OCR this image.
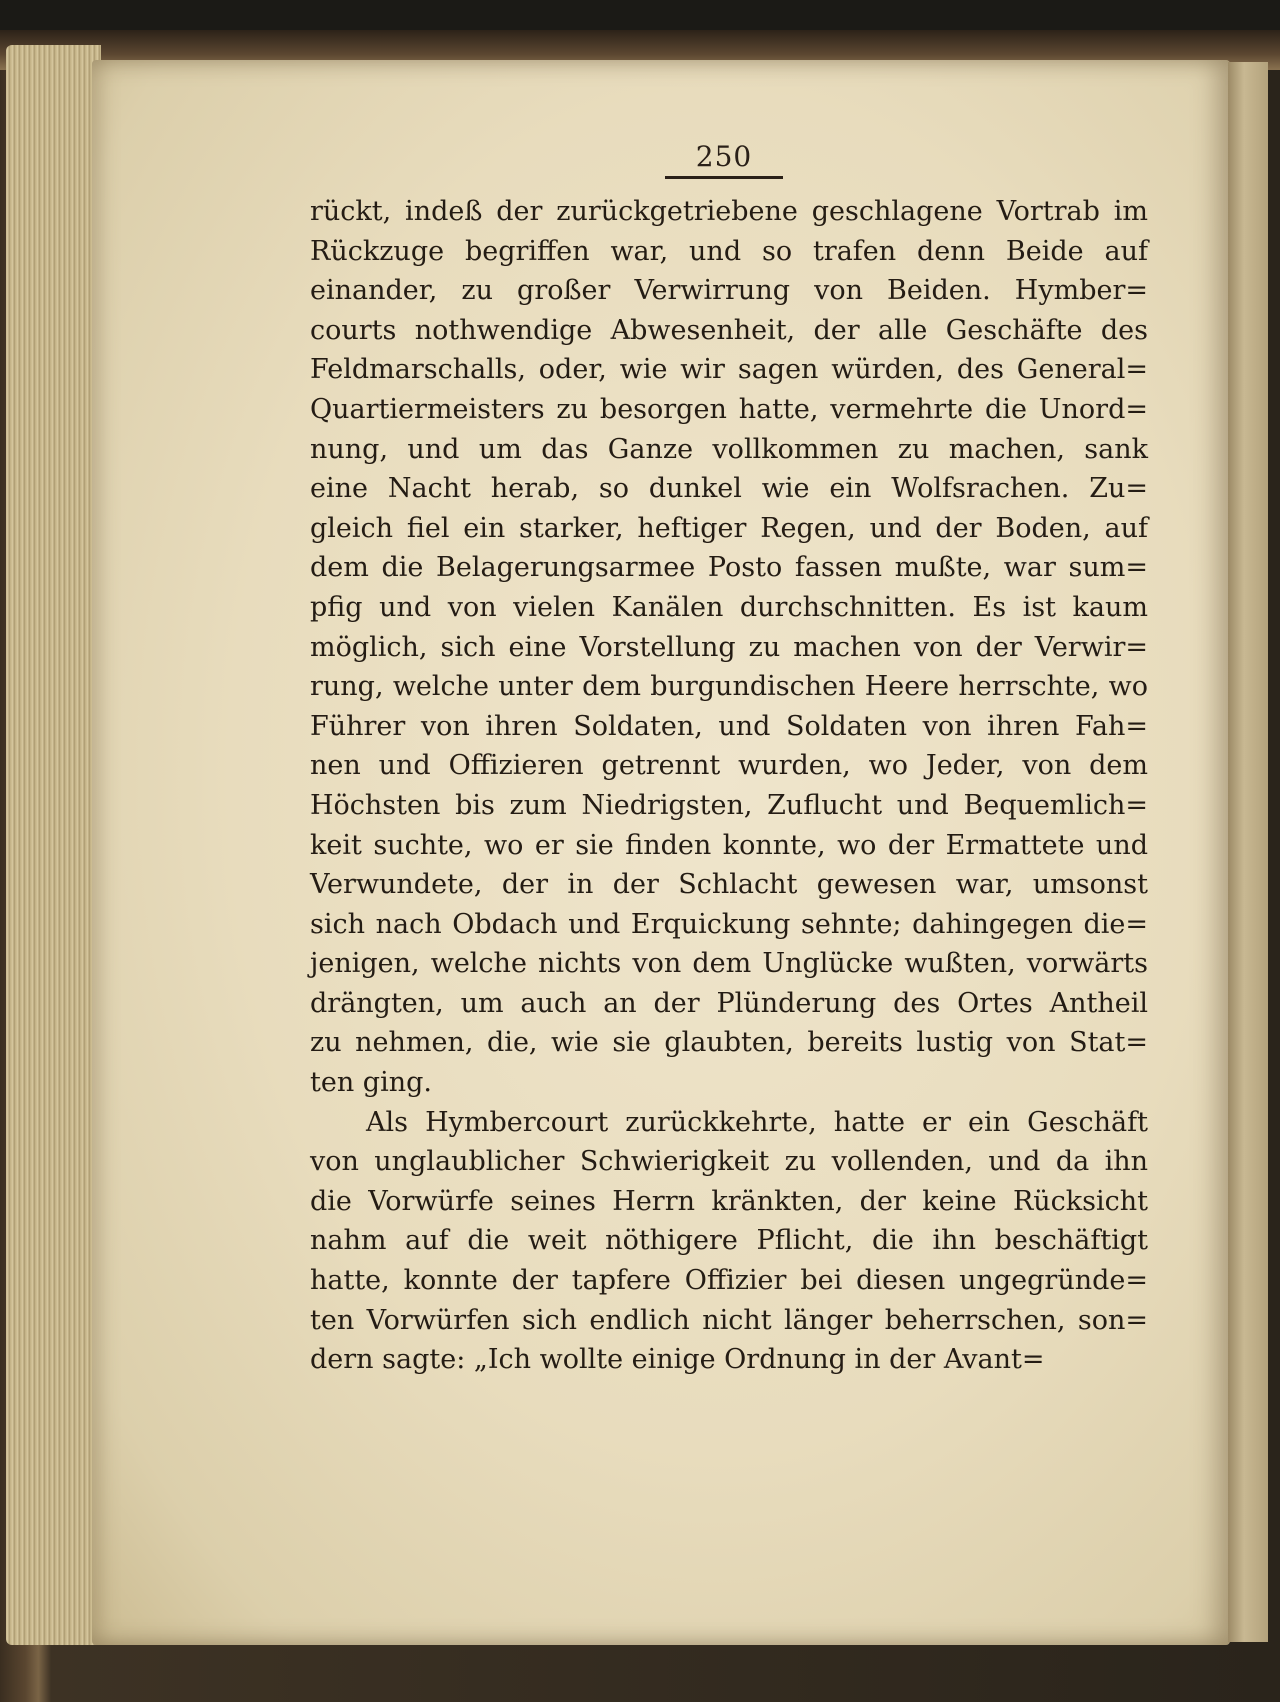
250
rückt, indeß der zurückgetriebene geschlagene Vortrab im
Rückzuge begriffen war, und so trafen denn Beide auf
einander, zu großer Verwirrung von Beiden. Hymber=
courts nothwendige Abwesenheit, der alle Geschäfte des
Feldmarschalls, oder, wie wir sagen würden, des General=
Quartiermeisters zu besorgen hatte, vermehrte die Unord=
nung, und um das Ganze vollkommen zu machen, sank
eine Nacht herab, so dunkel wie ein Wolfsrachen. Zu=
gleich fiel ein starker, heftiger Regen, und der Boden, auf
dem die Belagerungsarmee Posto fassen mußte, war sum=
pfig und von vielen Kanälen durchschnitten. Es ist kaum
möglich, sich eine Vorstellung zu machen von der Verwir=
rung, welche unter dem burgundischen Heere herrschte, wo
Führer von ihren Soldaten, und Soldaten von ihren Fah=
nen und Offizieren getrennt wurden, wo Jeder, von dem
Höchsten bis zum Niedrigsten, Zuflucht und Bequemlich=
keit suchte, wo er sie finden konnte, wo der Ermattete und
Verwundete, der in der Schlacht gewesen war, umsonst
sich nach Obdach und Erquickung sehnte; dahingegen die=
jenigen, welche nichts von dem Unglücke wußten, vorwärts
drängten, um auch an der Plünderung des Ortes Antheil
zu nehmen, die, wie sie glaubten, bereits lustig von Stat=
ten ging.
Als Hymbercourt zurückkehrte, hatte er ein Geschäft
von unglaublicher Schwierigkeit zu vollenden, und da ihn
die Vorwürfe seines Herrn kränkten, der keine Rücksicht
nahm auf die weit nöthigere Pflicht, die ihn beschäftigt
hatte, konnte der tapfere Offizier bei diesen ungegründe=
ten Vorwürfen sich endlich nicht länger beherrschen, son=
dern sagte: „Ich wollte einige Ordnung in der Avant=
